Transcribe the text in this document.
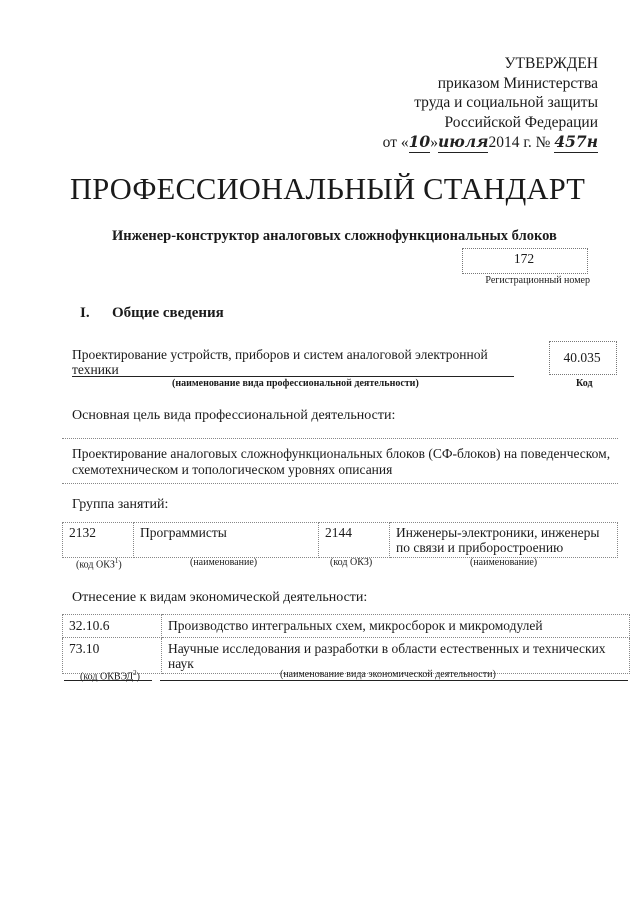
УТВЕРЖДЕН
приказом Министерства
труда и социальной защиты
Российской Федерации
от «10»июля2014 г. № 457н
ПРОФЕССИОНАЛЬНЫЙ СТАНДАРТ
Инженер-конструктор аналоговых сложнофункциональных блоков
172
Регистрационный номер
I. Общие сведения
Проектирование устройств, приборов и систем аналоговой электронной техники
(наименование вида профессиональной деятельности)
40.035
Код
Основная цель вида профессиональной деятельности:
Проектирование аналоговых сложнофункциональных блоков (СФ-блоков) на поведенческом, схемотехническом и топологическом уровнях описания
Группа занятий:
2132	Программисты	2144	Инженеры-электроники, инженеры по связи и приборостроению
(код ОКЗ$^1$)	(наименование)	(код ОКЗ)	(наименование)
Отнесение к видам экономической деятельности:
32.10.6	Производство интегральных схем, микросборок и микромодулей
73.10	Научные исследования и разработки в области естественных и технических наук
(код ОКВЭД$^2$)	(наименование вида экономической деятельности)
